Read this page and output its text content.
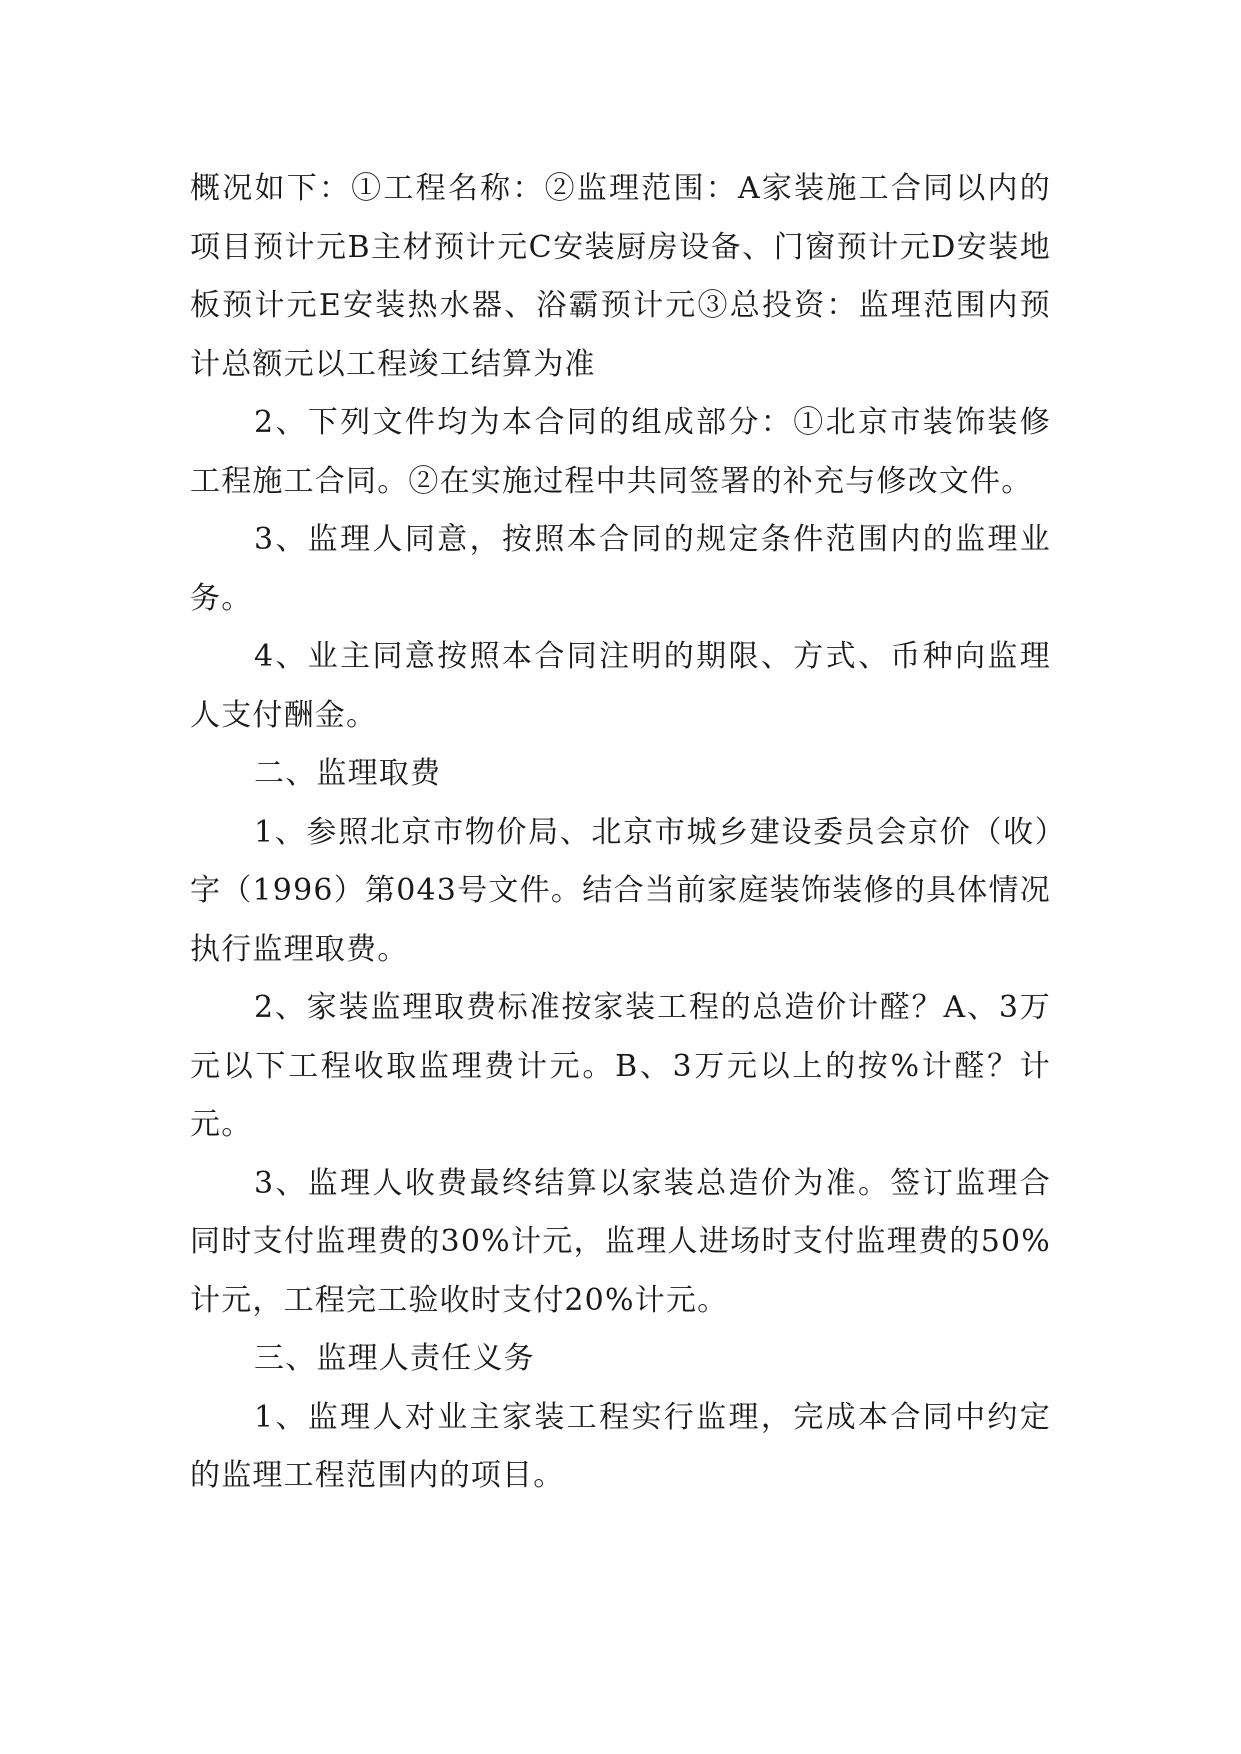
概况如下：①工程名称：②监理范围：A家装施工合同以内的项目预计元B主材预计元C安装厨房设备、门窗预计元D安装地板预计元E安装热水器、浴霸预计元③总投资：监理范围内预计总额元以工程竣工结算为准

2、下列文件均为本合同的组成部分：①北京市装饰装修工程施工合同。②在实施过程中共同签署的补充与修改文件。

3、监理人同意，按照本合同的规定条件范围内的监理业务。

4、业主同意按照本合同注明的期限、方式、币种向监理人支付酬金。

二、监理取费

1、参照北京市物价局、北京市城乡建设委员会京价（收）字（1996）第043号文件。结合当前家庭装饰装修的具体情况执行监理取费。

2、家装监理取费标准按家装工程的总造价计醛？A、3万元以下工程收取监理费计元。B、3万元以上的按%计醛？计元。

3、监理人收费最终结算以家装总造价为准。签订监理合同时支付监理费的30%计元，监理人进场时支付监理费的50%计元，工程完工验收时支付20%计元。

三、监理人责任义务

1、监理人对业主家装工程实行监理，完成本合同中约定的监理工程范围内的项目。
